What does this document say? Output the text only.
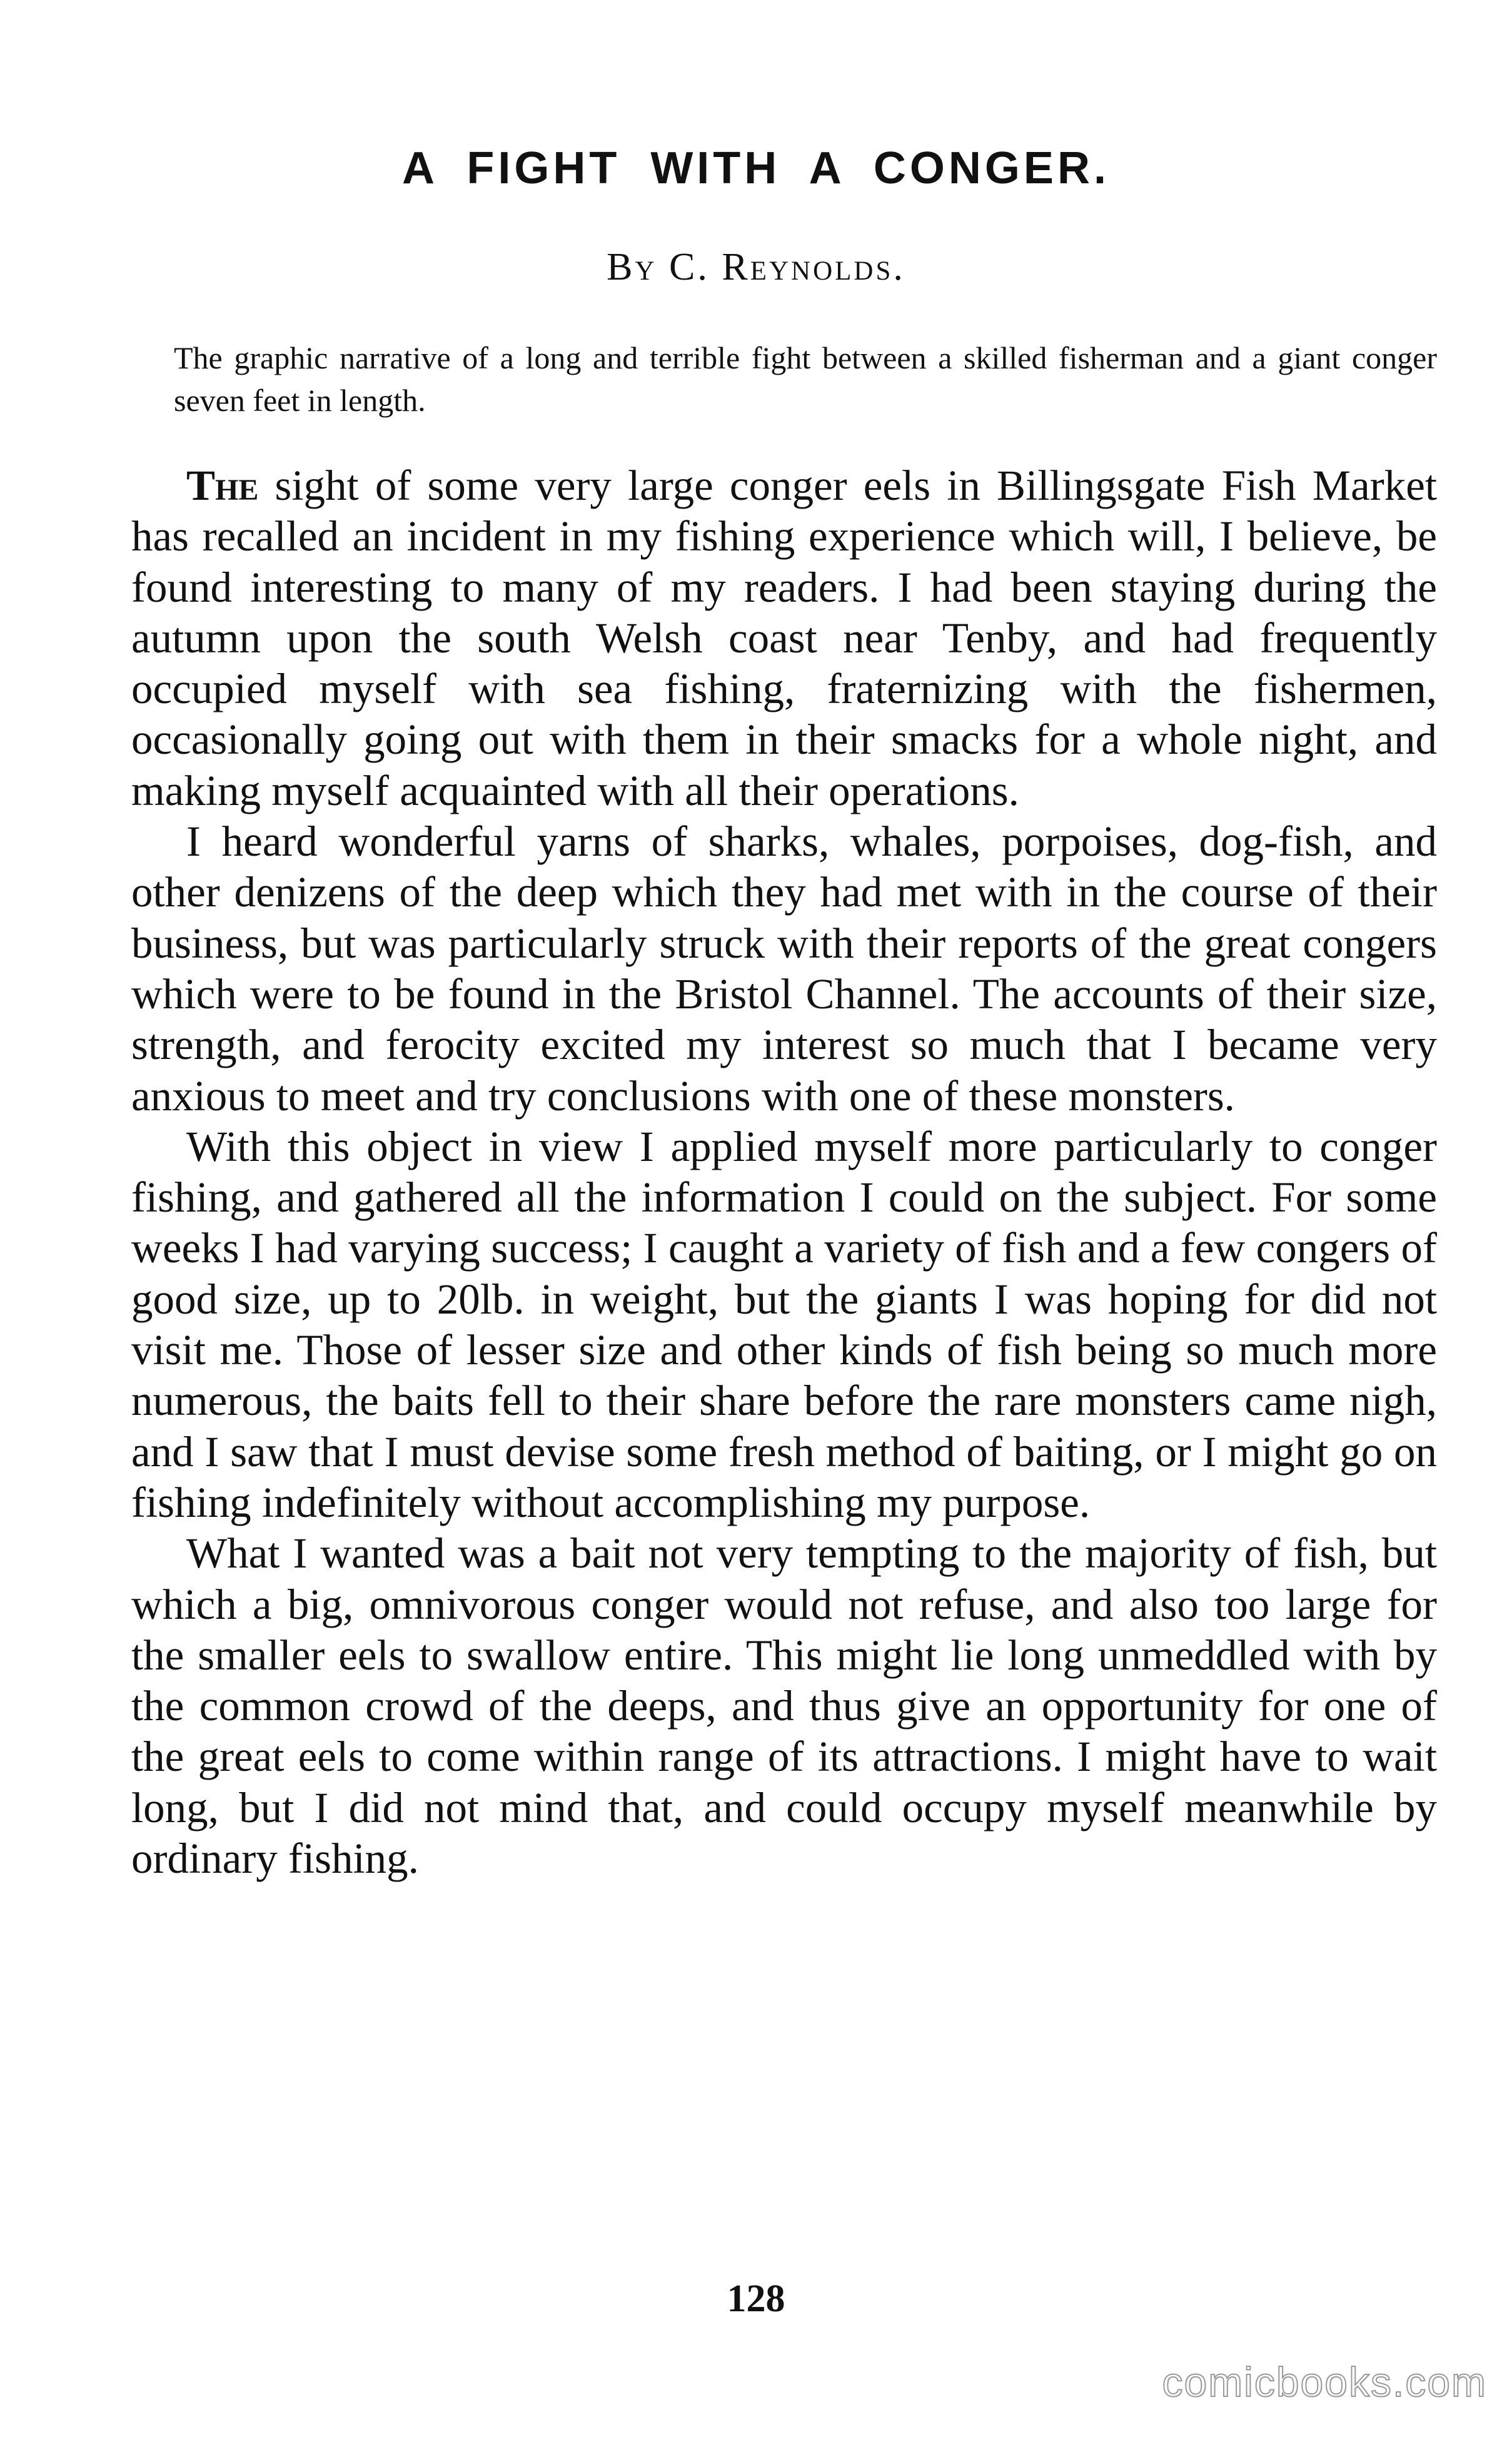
A FIGHT WITH A CONGER.
By C. Reynolds.
The graphic narrative of a long and terrible fight between a skilled fisherman and a giant conger seven feet in length.

The sight of some very large conger eels in Billingsgate Fish Market has recalled an incident in my fishing experience which will, I believe, be found interesting to many of my readers. I had been staying during the autumn upon the south Welsh coast near Tenby, and had frequently occupied myself with sea fishing, fraternizing with the fishermen, occasionally going out with them in their smacks for a whole night, and making myself acquainted with all their operations.

I heard wonderful yarns of sharks, whales, porpoises, dog-fish, and other denizens of the deep which they had met with in the course of their business, but was particularly struck with their reports of the great congers which were to be found in the Bristol Channel. The accounts of their size, strength, and ferocity excited my interest so much that I became very anxious to meet and try conclusions with one of these monsters.

With this object in view I applied myself more particularly to conger fishing, and gathered all the information I could on the subject. For some weeks I had varying success; I caught a variety of fish and a few congers of good size, up to 20lb. in weight, but the giants I was hoping for did not visit me. Those of lesser size and other kinds of fish being so much more numerous, the baits fell to their share before the rare monsters came nigh, and I saw that I must devise some fresh method of baiting, or I might go on fishing indefinitely without accomplishing my purpose.

What I wanted was a bait not very tempting to the majority of fish, but which a big, omnivorous conger would not refuse, and also too large for the smaller eels to swallow entire. This might lie long unmeddled with by the common crowd of the deeps, and thus give an opportunity for one of the great eels to come within range of its attractions. I might have to wait long, but I did not mind that, and could occupy myself meanwhile by ordinary fishing.

128
comicbooks.com
